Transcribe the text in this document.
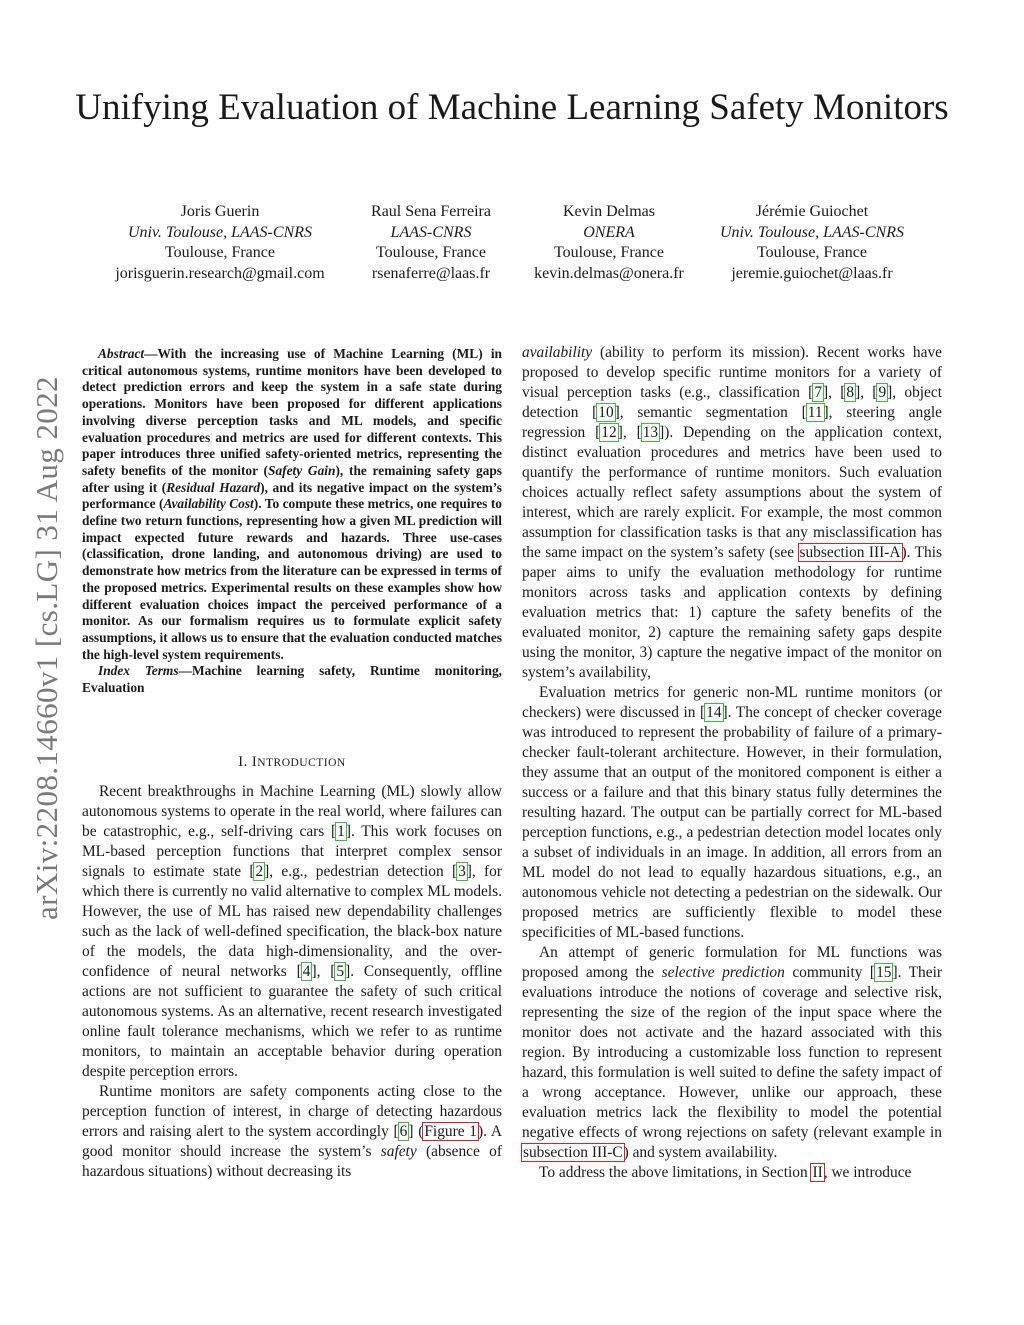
Unifying Evaluation of Machine Learning Safety Monitors
Joris Guerin
Univ. Toulouse, LAAS-CNRS
Toulouse, France
jorisguerin.research@gmail.com
Raul Sena Ferreira
LAAS-CNRS
Toulouse, France
rsenaferre@laas.fr
Kevin Delmas
ONERA
Toulouse, France
kevin.delmas@onera.fr
Jérémie Guiochet
Univ. Toulouse, LAAS-CNRS
Toulouse, France
jeremie.guiochet@laas.fr
arXiv:2208.14660v1 [cs.LG] 31 Aug 2022

Abstract—With the increasing use of Machine Learning (ML) in critical autonomous systems, runtime monitors have been developed to detect prediction errors and keep the system in a safe state during operations. Monitors have been proposed for different applications involving diverse perception tasks and ML models, and specific evaluation procedures and metrics are used for different contexts. This paper introduces three unified safety-oriented metrics, representing the safety benefits of the monitor (Safety Gain), the remaining safety gaps after using it (Residual Hazard), and its negative impact on the system’s performance (Availability Cost). To compute these metrics, one requires to define two return functions, representing how a given ML prediction will impact expected future rewards and hazards. Three use-cases (classification, drone landing, and autonomous driving) are used to demonstrate how metrics from the literature can be expressed in terms of the proposed metrics. Experimental results on these examples show how different evaluation choices impact the perceived performance of a monitor. As our formalism requires us to formulate explicit safety assumptions, it allows us to ensure that the evaluation conducted matches the high-level system requirements.

Index Terms—Machine learning safety, Runtime monitoring, Evaluation

I. INTRODUCTION

Recent breakthroughs in Machine Learning (ML) slowly allow autonomous systems to operate in the real world, where failures can be catastrophic, e.g., self-driving cars [1]. This work focuses on ML-based perception functions that interpret complex sensor signals to estimate state [2], e.g., pedestrian detection [3], for which there is currently no valid alternative to complex ML models. However, the use of ML has raised new dependability challenges such as the lack of well-defined specification, the black-box nature of the models, the data high-dimensionality, and the over-confidence of neural networks [4], [5]. Consequently, offline actions are not sufficient to guarantee the safety of such critical autonomous systems. As an alternative, recent research investigated online fault tolerance mechanisms, which we refer to as runtime monitors, to maintain an acceptable behavior during operation despite perception errors.

Runtime monitors are safety components acting close to the perception function of interest, in charge of detecting hazardous errors and raising alert to the system accordingly [6] (Figure 1). A good monitor should increase the system’s safety (absence of hazardous situations) without decreasing its

availability (ability to perform its mission). Recent works have proposed to develop specific runtime monitors for a variety of visual perception tasks (e.g., classification [7], [8], [9], object detection [10], semantic segmentation [11], steering angle regression [12], [13]). Depending on the application context, distinct evaluation procedures and metrics have been used to quantify the performance of runtime monitors. Such evaluation choices actually reflect safety assumptions about the system of interest, which are rarely explicit. For example, the most common assumption for classification tasks is that any misclassification has the same impact on the system’s safety (see subsection III-A). This paper aims to unify the evaluation methodology for runtime monitors across tasks and application contexts by defining evaluation metrics that: 1) capture the safety benefits of the evaluated monitor, 2) capture the remaining safety gaps despite using the monitor, 3) capture the negative impact of the monitor on system’s availability,

Evaluation metrics for generic non-ML runtime monitors (or checkers) were discussed in [14]. The concept of checker coverage was introduced to represent the probability of failure of a primary-checker fault-tolerant architecture. However, in their formulation, they assume that an output of the monitored component is either a success or a failure and that this binary status fully determines the resulting hazard. The output can be partially correct for ML-based perception functions, e.g., a pedestrian detection model locates only a subset of individuals in an image. In addition, all errors from an ML model do not lead to equally hazardous situations, e.g., an autonomous vehicle not detecting a pedestrian on the sidewalk. Our proposed metrics are sufficiently flexible to model these specificities of ML-based functions.

An attempt of generic formulation for ML functions was proposed among the selective prediction community [15]. Their evaluations introduce the notions of coverage and selective risk, representing the size of the region of the input space where the monitor does not activate and the hazard associated with this region. By introducing a customizable loss function to represent hazard, this formulation is well suited to define the safety impact of a wrong acceptance. However, unlike our approach, these evaluation metrics lack the flexibility to model the potential negative effects of wrong rejections on safety (relevant example in subsection III-C) and system availability.

To address the above limitations, in Section II, we introduce
